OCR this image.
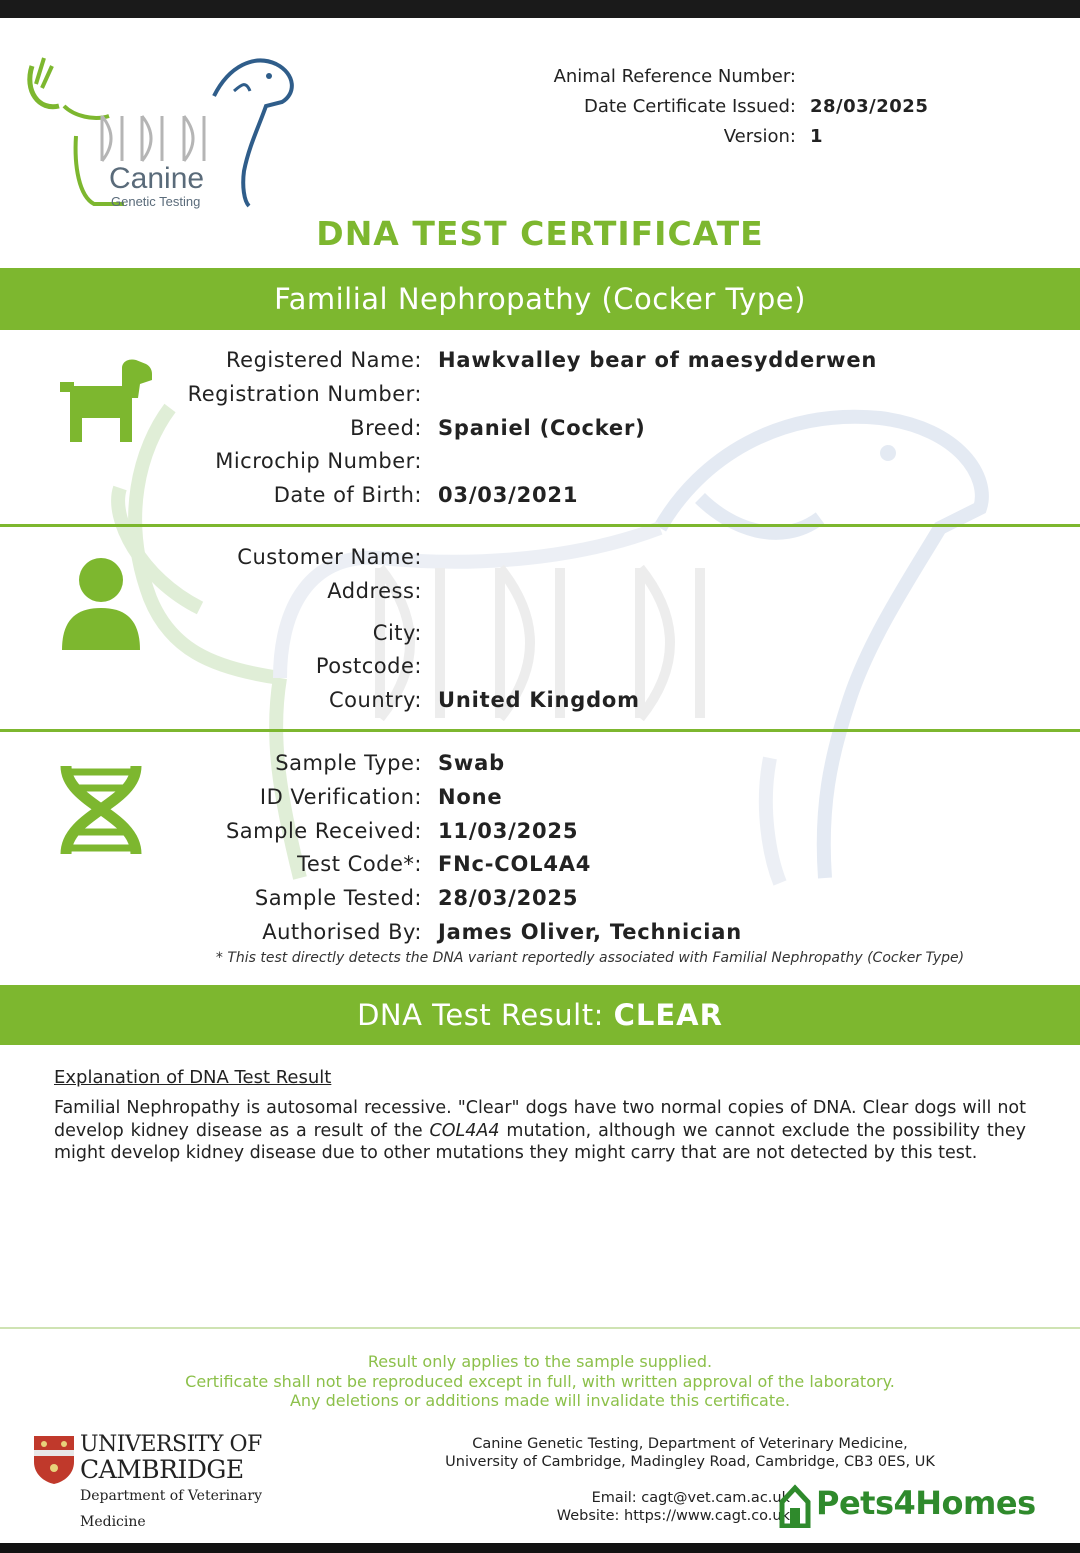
Canine
Genetic Testing
Animal Reference Number:
Date Certificate Issued: 28/03/2025
Version: 1
DNA TEST CERTIFICATE
Familial Nephropathy (Cocker Type)
Registered Name: Hawkvalley bear of maesydderwen
Registration Number:
Breed: Spaniel (Cocker)
Microchip Number:
Date of Birth: 03/03/2021
Customer Name:
Address:
City:
Postcode:
Country: United Kingdom
Sample Type: Swab
ID Verification: None
Sample Received: 11/03/2025
Test Code*: FNc-COL4A4
Sample Tested: 28/03/2025
Authorised By: James Oliver, Technician
* This test directly detects the DNA variant reportedly associated with Familial Nephropathy (Cocker Type)
DNA Test Result: CLEAR
Explanation of DNA Test Result
Familial Nephropathy is autosomal recessive. "Clear" dogs have two normal copies of DNA. Clear dogs will not develop kidney disease as a result of the COL4A4 mutation, although we cannot exclude the possibility they might develop kidney disease due to other mutations they might carry that are not detected by this test.
Result only applies to the sample supplied.
Certificate shall not be reproduced except in full, with written approval of the laboratory.
Any deletions or additions made will invalidate this certificate.
UNIVERSITY OF
CAMBRIDGE
Department of Veterinary
Medicine
Canine Genetic Testing, Department of Veterinary Medicine,
University of Cambridge, Madingley Road, Cambridge, CB3 0ES, UK
Email: cagt@vet.cam.ac.uk
Website: https://www.cagt.co.uk Pets4Homes
